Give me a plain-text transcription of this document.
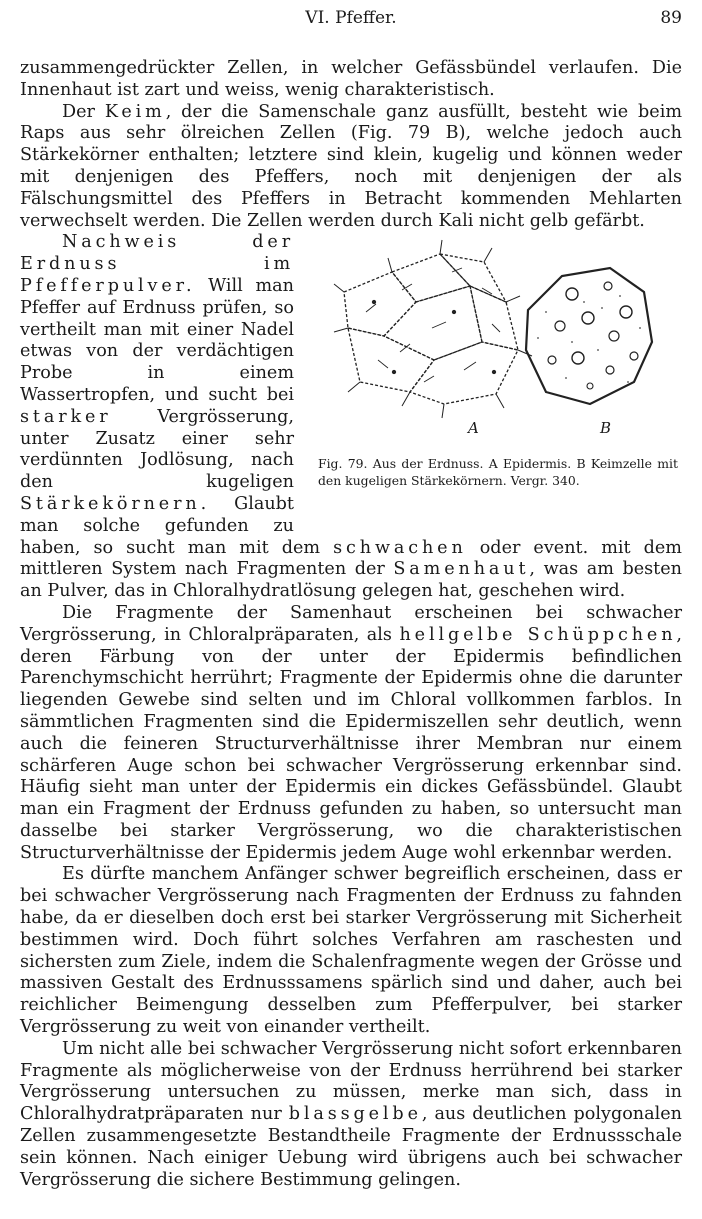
VI. Pfeffer.	89

zusammengedrückter Zellen, in welcher Gefässbündel verlaufen. Die Innenhaut ist zart und weiss, wenig charakteristisch.

Der Keim, der die Samenschale ganz ausfüllt, besteht wie beim Raps aus sehr ölreichen Zellen (Fig. 79 B), welche jedoch auch Stärkekörner enthalten; letztere sind klein, kugelig und können weder mit denjenigen des Pfeffers, noch mit denjenigen der als Fälschungsmittel des Pfeffers in Betracht kommenden Mehlarten verwechselt werden. Die Zellen werden durch Kali nicht gelb gefärbt.

A	B
Fig. 79. Aus der Erdnuss. A Epidermis. B Keimzelle mit den kugeligen Stärkekörnern. Vergr. 340.

Nachweis der Erdnuss im Pfefferpulver. Will man Pfeffer auf Erdnuss prüfen, so vertheilt man mit einer Nadel etwas von der verdächtigen Probe in einem Wassertropfen, und sucht bei starker Vergrösserung, unter Zusatz einer sehr verdünnten Jodlösung, nach den kugeligen Stärkekörnern. Glaubt man solche gefunden zu haben, so sucht man mit dem schwachen oder event. mit dem mittleren System nach Fragmenten der Samenhaut, was am besten an Pulver, das in Chloralhydratlösung gelegen hat, geschehen wird.

Die Fragmente der Samenhaut erscheinen bei schwacher Vergrösserung, in Chloralpräparaten, als hellgelbe Schüppchen, deren Färbung von der unter der Epidermis befindlichen Parenchymschicht herrührt; Fragmente der Epidermis ohne die darunter liegenden Gewebe sind selten und im Chloral vollkommen farblos. In sämmtlichen Fragmenten sind die Epidermiszellen sehr deutlich, wenn auch die feineren Structurverhältnisse ihrer Membran nur einem schärferen Auge schon bei schwacher Vergrösserung erkennbar sind. Häufig sieht man unter der Epidermis ein dickes Gefässbündel. Glaubt man ein Fragment der Erdnuss gefunden zu haben, so untersucht man dasselbe bei starker Vergrösserung, wo die charakteristischen Structurverhältnisse der Epidermis jedem Auge wohl erkennbar werden.

Es dürfte manchem Anfänger schwer begreiflich erscheinen, dass er bei schwacher Vergrösserung nach Fragmenten der Erdnuss zu fahnden habe, da er dieselben doch erst bei starker Vergrösserung mit Sicherheit bestimmen wird. Doch führt solches Verfahren am raschesten und sichersten zum Ziele, indem die Schalenfragmente wegen der Grösse und massiven Gestalt des Erdnusssamens spärlich sind und daher, auch bei reichlicher Beimengung desselben zum Pfefferpulver, bei starker Vergrösserung zu weit von einander vertheilt.

Um nicht alle bei schwacher Vergrösserung nicht sofort erkennbaren Fragmente als möglicherweise von der Erdnuss herrührend bei starker Vergrösserung untersuchen zu müssen, merke man sich, dass in Chloralhydratpräparaten nur blassgelbe, aus deutlichen polygonalen Zellen zusammengesetzte Bestandtheile Fragmente der Erdnussschale sein können. Nach einiger Uebung wird übrigens auch bei schwacher Vergrösserung die sichere Bestimmung gelingen.
